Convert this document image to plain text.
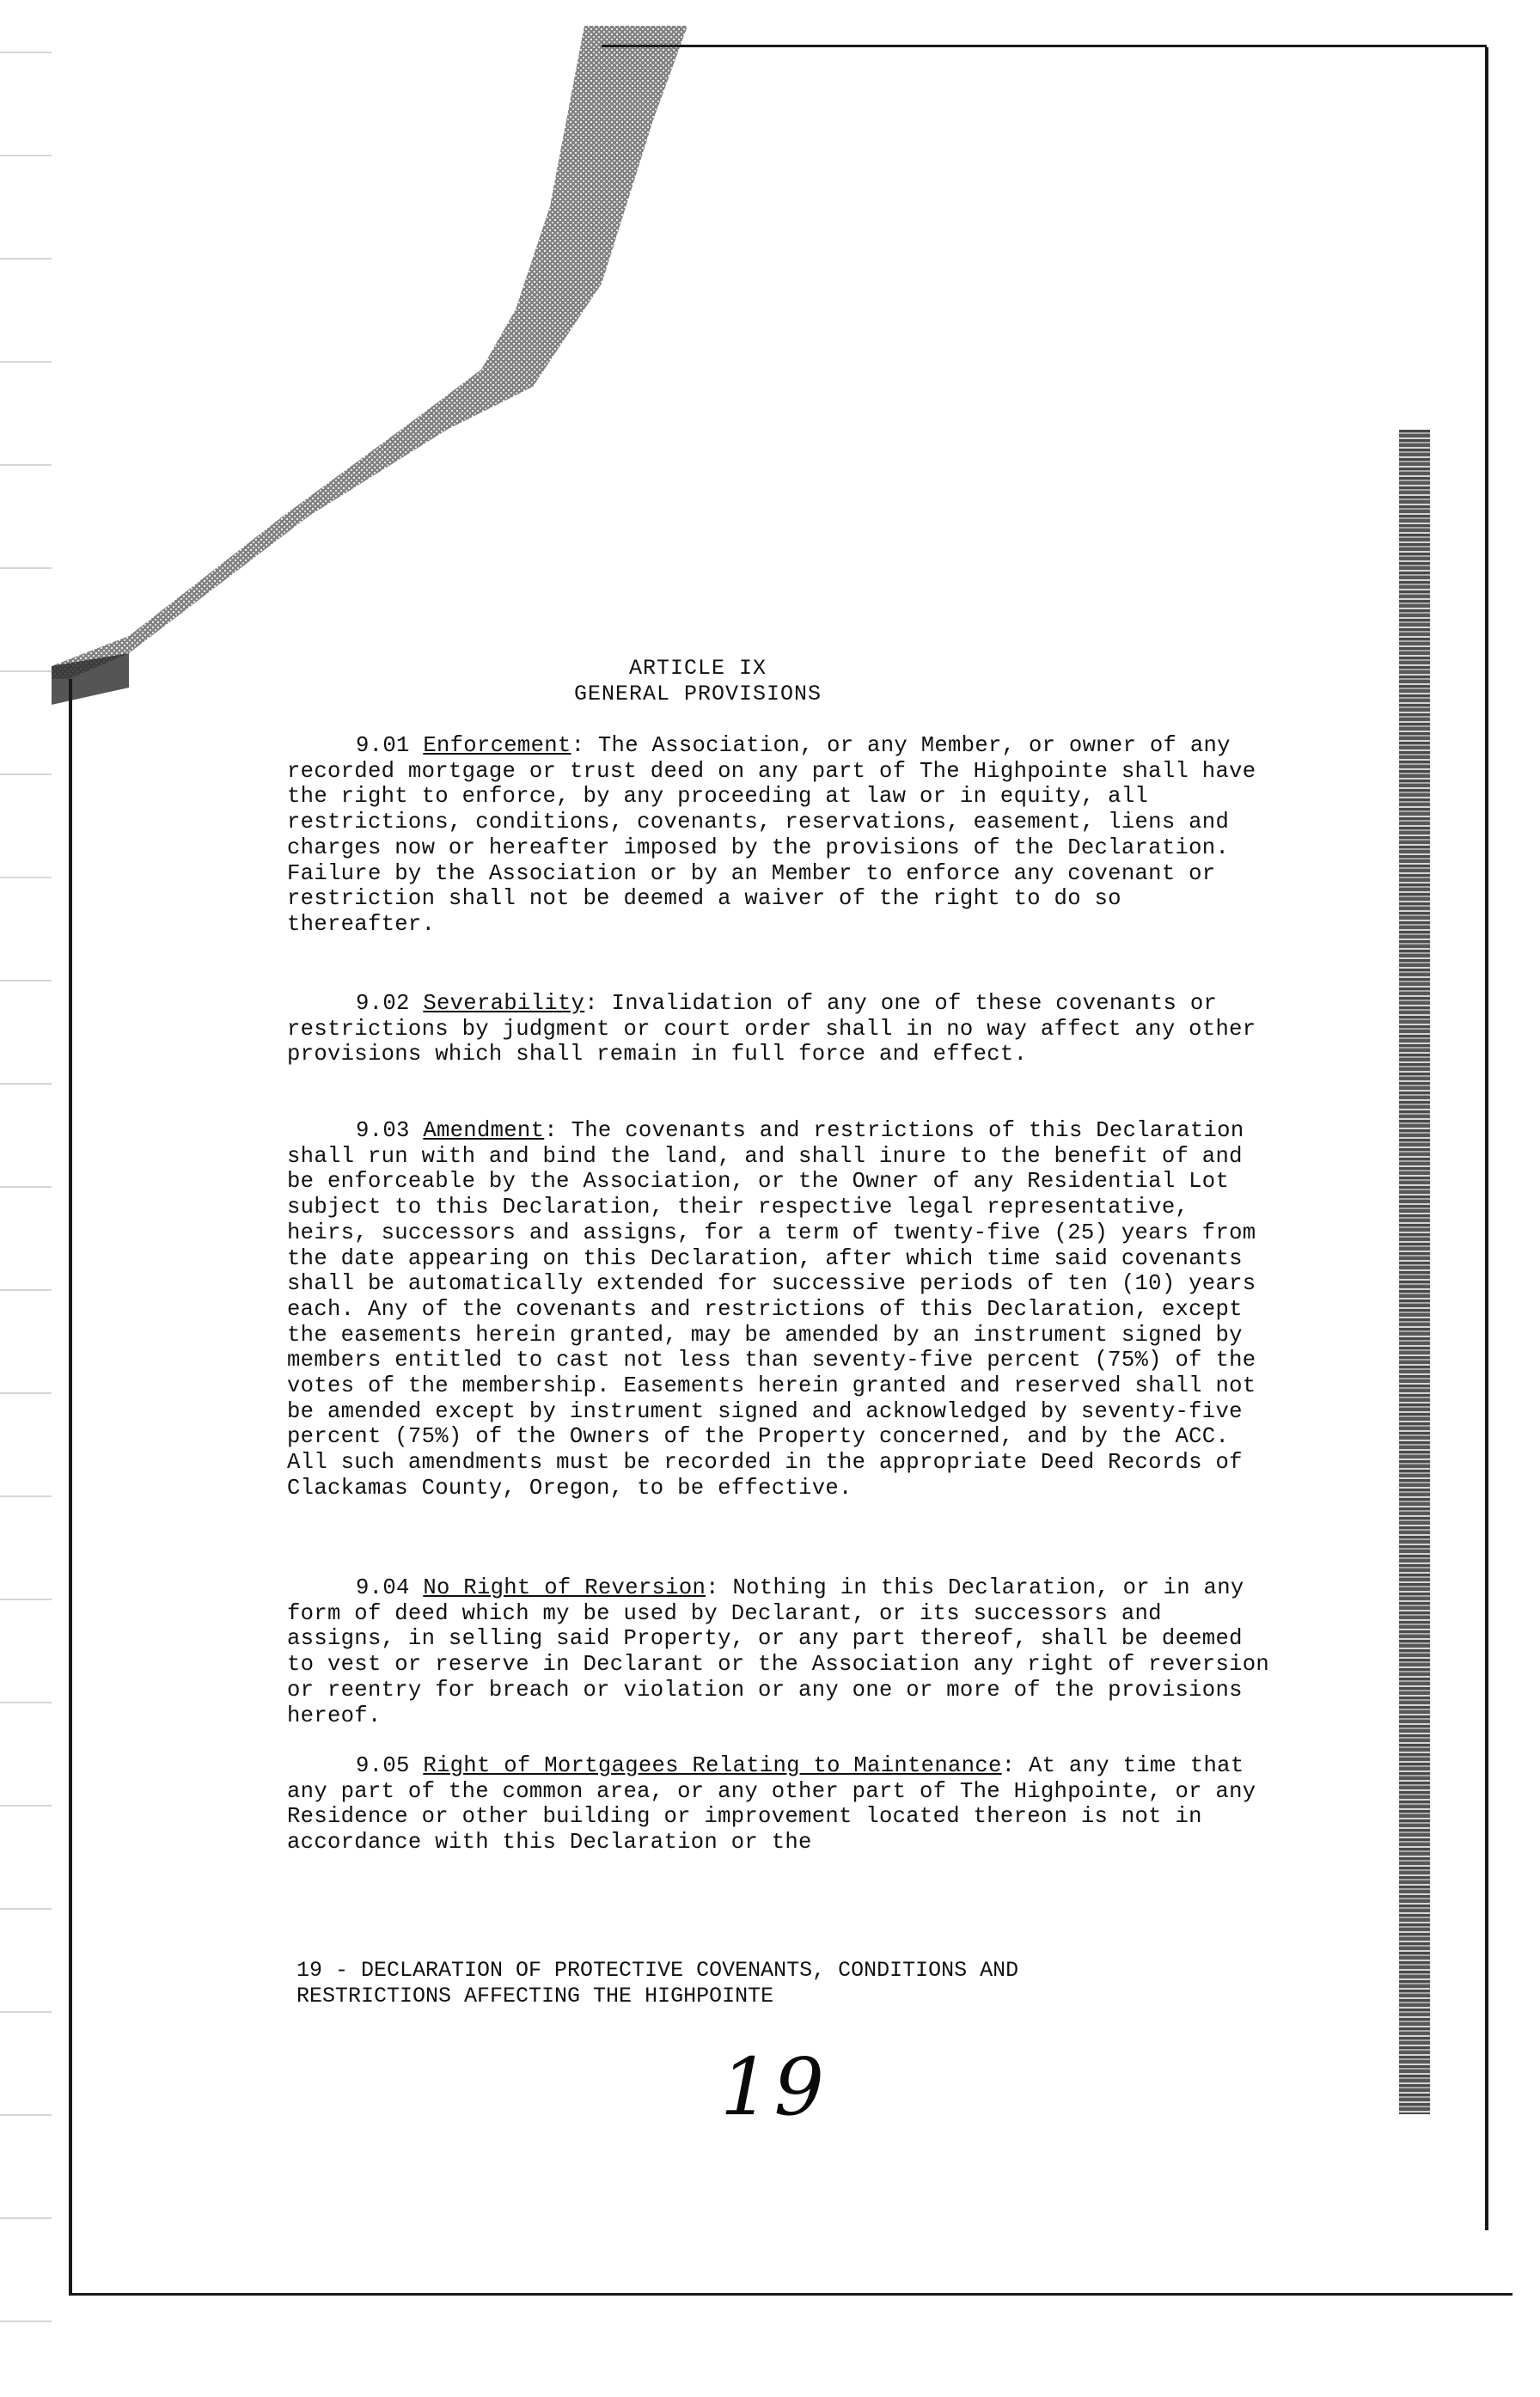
ARTICLE IX

GENERAL PROVISIONS

9.01 Enforcement: The Association, or any Member, or owner of any recorded mortgage or trust deed on any part of The Highpointe shall have the right to enforce, by any proceeding at law or in equity, all restrictions, conditions, covenants, reservations, easement, liens and charges now or hereafter imposed by the provisions of the Declaration. Failure by the Association or by an Member to enforce any covenant or restriction shall not be deemed a waiver of the right to do so thereafter.

9.02 Severability: Invalidation of any one of these covenants or restrictions by judgment or court order shall in no way affect any other provisions which shall remain in full force and effect.

9.03 Amendment: The covenants and restrictions of this Declaration shall run with and bind the land, and shall inure to the benefit of and be enforceable by the Association, or the Owner of any Residential Lot subject to this Declaration, their respective legal representative, heirs, successors and assigns, for a term of twenty-five (25) years from the date appearing on this Declaration, after which time said covenants shall be automatically extended for successive periods of ten (10) years each. Any of the covenants and restrictions of this Declaration, except the easements herein granted, may be amended by an instrument signed by members entitled to cast not less than seventy-five percent (75%) of the votes of the membership. Easements herein granted and reserved shall not be amended except by instrument signed and acknowledged by seventy-five percent (75%) of the Owners of the Property concerned, and by the ACC. All such amendments must be recorded in the appropriate Deed Records of Clackamas County, Oregon, to be effective.

9.04 No Right of Reversion: Nothing in this Declaration, or in any form of deed which my be used by Declarant, or its successors and assigns, in selling said Property, or any part thereof, shall be deemed to vest or reserve in Declarant or the Association any right of reversion or reentry for breach or violation or any one or more of the provisions hereof.

9.05 Right of Mortgagees Relating to Maintenance: At any time that any part of the common area, or any other part of The Highpointe, or any Residence or other building or improvement located thereon is not in accordance with this Declaration or the

19 - DECLARATION OF PROTECTIVE COVENANTS, CONDITIONS AND
RESTRICTIONS AFFECTING THE HIGHPOINTE

19
